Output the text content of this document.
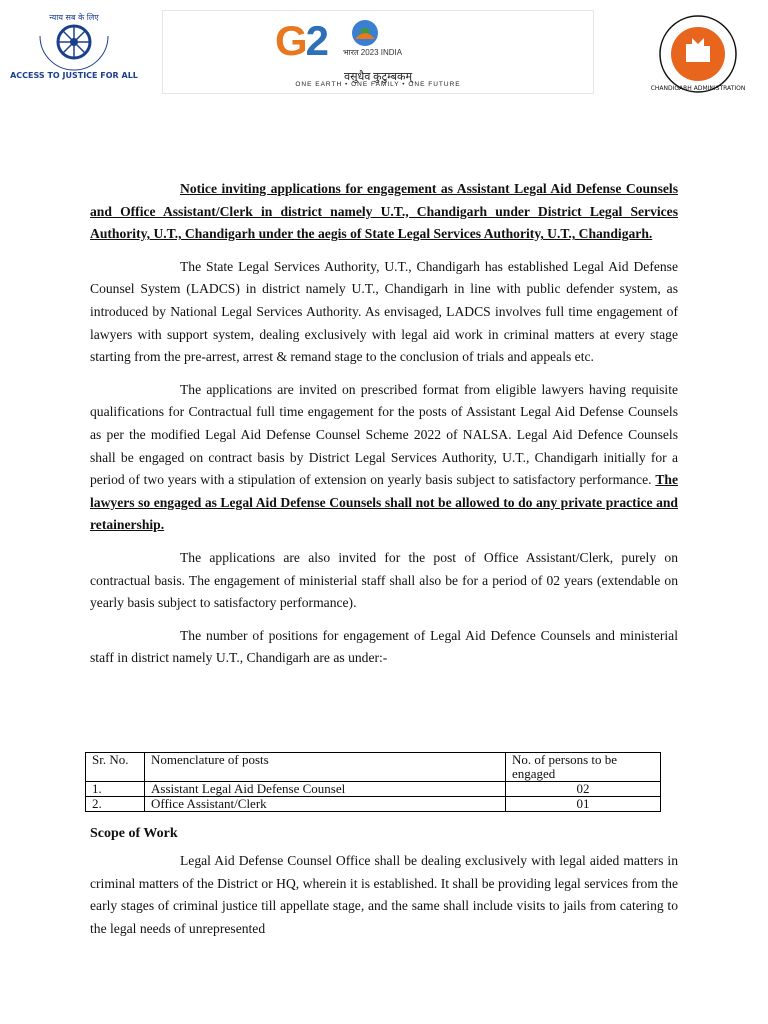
न्याय सब के लिए
ACCESS TO JUSTICE FOR ALL
G2 भारत 2023 INDIA
वसुधैव कुटुम्बकम्
ONE EARTH • ONE FAMILY • ONE FUTURE
CHANDIGARH ADMINISTRATION

Notice inviting applications for engagement as Assistant Legal Aid Defense Counsels and Office Assistant/Clerk in district namely U.T., Chandigarh under District Legal Services Authority, U.T., Chandigarh under the aegis of State Legal Services Authority, U.T., Chandigarh.

The State Legal Services Authority, U.T., Chandigarh has established Legal Aid Defense Counsel System (LADCS) in district namely U.T., Chandigarh in line with public defender system, as introduced by National Legal Services Authority. As envisaged, LADCS involves full time engagement of lawyers with support system, dealing exclusively with legal aid work in criminal matters at every stage starting from the pre-arrest, arrest & remand stage to the conclusion of trials and appeals etc.

The applications are invited on prescribed format from eligible lawyers having requisite qualifications for Contractual full time engagement for the posts of Assistant Legal Aid Defense Counsels as per the modified Legal Aid Defense Counsel Scheme 2022 of NALSA. Legal Aid Defence Counsels shall be engaged on contract basis by District Legal Services Authority, U.T., Chandigarh initially for a period of two years with a stipulation of extension on yearly basis subject to satisfactory performance. The lawyers so engaged as Legal Aid Defense Counsels shall not be allowed to do any private practice and retainership.

The applications are also invited for the post of Office Assistant/Clerk, purely on contractual basis. The engagement of ministerial staff shall also be for a period of 02 years (extendable on yearly basis subject to satisfactory performance).

The number of positions for engagement of Legal Aid Defence Counsels and ministerial staff in district namely U.T., Chandigarh are as under:-

Sr. No.	Nomenclature of posts	No. of persons to be engaged
1.	Assistant Legal Aid Defense Counsel	02
2.	Office Assistant/Clerk	01
Scope of Work

Legal Aid Defense Counsel Office shall be dealing exclusively with legal aided matters in criminal matters of the District or HQ, wherein it is established. It shall be providing legal services from the early stages of criminal justice till appellate stage, and the same shall include visits to jails from catering to the legal needs of unrepresented
